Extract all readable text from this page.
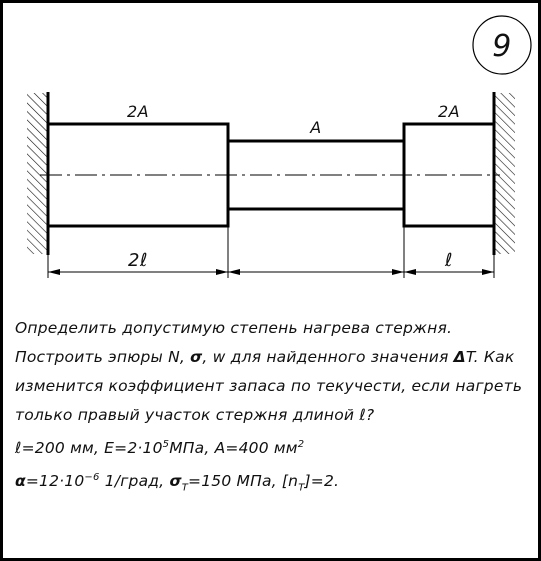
9
2A
A
2A
2ℓ	ℓ
Определить допустимую степень нагрева стержня.
Построить эпюры N, σ, w для найденного значения ΔT. Как
изменится коэффициент запаса по текучести, если нагреть
только правый участок стержня длиной ℓ?
ℓ=200 мм, $E=2\cdot 10^5МПа$, A=400 $мм^2$
$\alpha=12\cdot 10^{-6}$ 1/град, $\sigma_T=150$ МПа, $[n_T]=2$.
